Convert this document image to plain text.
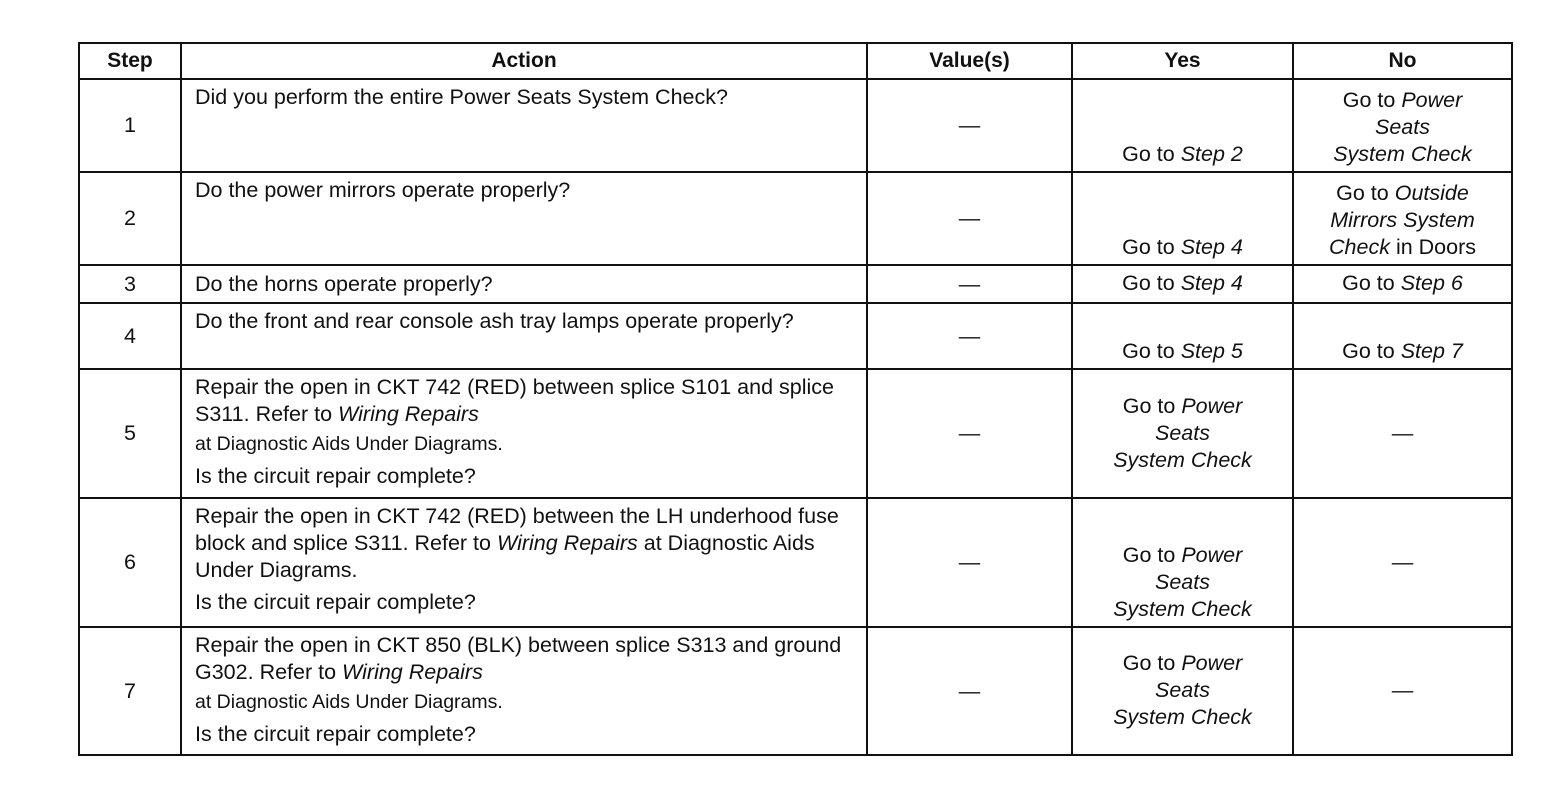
Step	Action	Value(s)	Yes	No
1	Did you perform the entire Power Seats System Check?	—	Go to Step 2	Go to Power
Seats
System Check
2	Do the power mirrors operate properly?	—	Go to Step 4	Go to Outside
Mirrors System
Check in Doors
3	Do the horns operate properly?	—	Go to Step 4	Go to Step 6
4	Do the front and rear console ash tray lamps operate properly?	—	Go to Step 5	Go to Step 7
5	Repair the open in CKT 742 (RED) between splice S101 and splice S311. Refer to Wiring Repairs
at Diagnostic Aids Under Diagrams.
Is the circuit repair complete?	—	Go to Power
Seats
System Check	—
6	Repair the open in CKT 742 (RED) between the LH underhood fuse block and splice S311. Refer to Wiring Repairs at Diagnostic Aids Under Diagrams.
Is the circuit repair complete?	—	Go to Power
Seats
System Check	—
7	Repair the open in CKT 850 (BLK) between splice S313 and ground G302. Refer to Wiring Repairs
at Diagnostic Aids Under Diagrams.
Is the circuit repair complete?	—	Go to Power
Seats
System Check	—
